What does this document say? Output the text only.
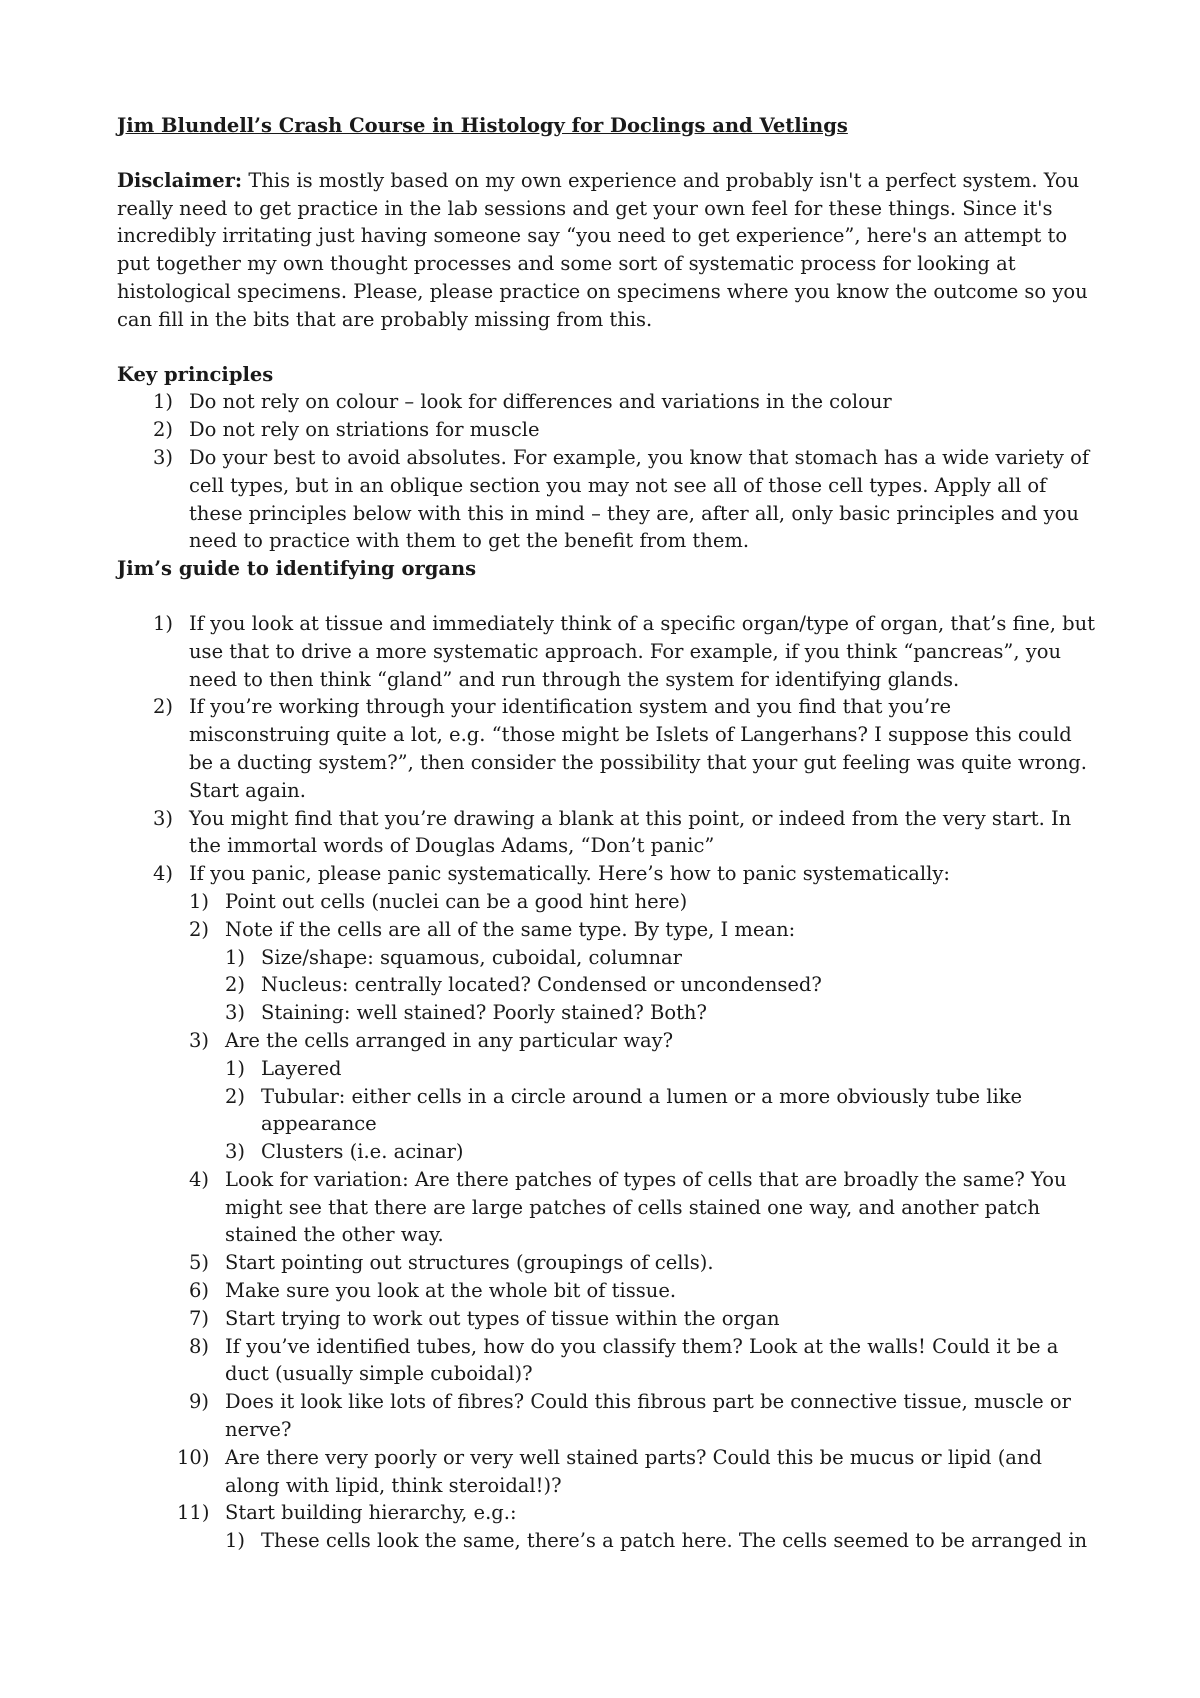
Jim Blundell’s Crash Course in Histology for Doclings and Vetlings

Disclaimer: This is mostly based on my own experience and probably isn't a perfect system. You really need to get practice in the lab sessions and get your own feel for these things. Since it's incredibly irritating just having someone say “you need to get experience”, here's an attempt to put together my own thought processes and some sort of systematic process for looking at histological specimens. Please, please practice on specimens where you know the outcome so you can fill in the bits that are probably missing from this.

Key principles

1) Do not rely on colour – look for differences and variations in the colour
2) Do not rely on striations for muscle
3) Do your best to avoid absolutes. For example, you know that stomach has a wide variety of cell types, but in an oblique section you may not see all of those cell types. Apply all of these principles below with this in mind – they are, after all, only basic principles and you need to practice with them to get the benefit from them.

Jim’s guide to identifying organs

1) If you look at tissue and immediately think of a specific organ/type of organ, that’s fine, but use that to drive a more systematic approach. For example, if you think “pancreas”, you need to then think “gland” and run through the system for identifying glands.
2) If you’re working through your identification system and you find that you’re misconstruing quite a lot, e.g. “those might be Islets of Langerhans? I suppose this could be a ducting system?”, then consider the possibility that your gut feeling was quite wrong. Start again.
3) You might find that you’re drawing a blank at this point, or indeed from the very start. In the immortal words of Douglas Adams, “Don’t panic”
4) If you panic, please panic systematically. Here’s how to panic systematically:
1) Point out cells (nuclei can be a good hint here)
2) Note if the cells are all of the same type. By type, I mean:
1) Size/shape: squamous, cuboidal, columnar
2) Nucleus: centrally located? Condensed or uncondensed?
3) Staining: well stained? Poorly stained? Both?
3) Are the cells arranged in any particular way?
1) Layered
2) Tubular: either cells in a circle around a lumen or a more obviously tube like appearance
3) Clusters (i.e. acinar)
4) Look for variation: Are there patches of types of cells that are broadly the same? You might see that there are large patches of cells stained one way, and another patch stained the other way.
5) Start pointing out structures (groupings of cells).
6) Make sure you look at the whole bit of tissue.
7) Start trying to work out types of tissue within the organ
8) If you’ve identified tubes, how do you classify them? Look at the walls! Could it be a duct (usually simple cuboidal)?
9) Does it look like lots of fibres? Could this fibrous part be connective tissue, muscle or nerve?
10) Are there very poorly or very well stained parts? Could this be mucus or lipid (and along with lipid, think steroidal!)?
11) Start building hierarchy, e.g.:
1) These cells look the same, there’s a patch here. The cells seemed to be arranged in
